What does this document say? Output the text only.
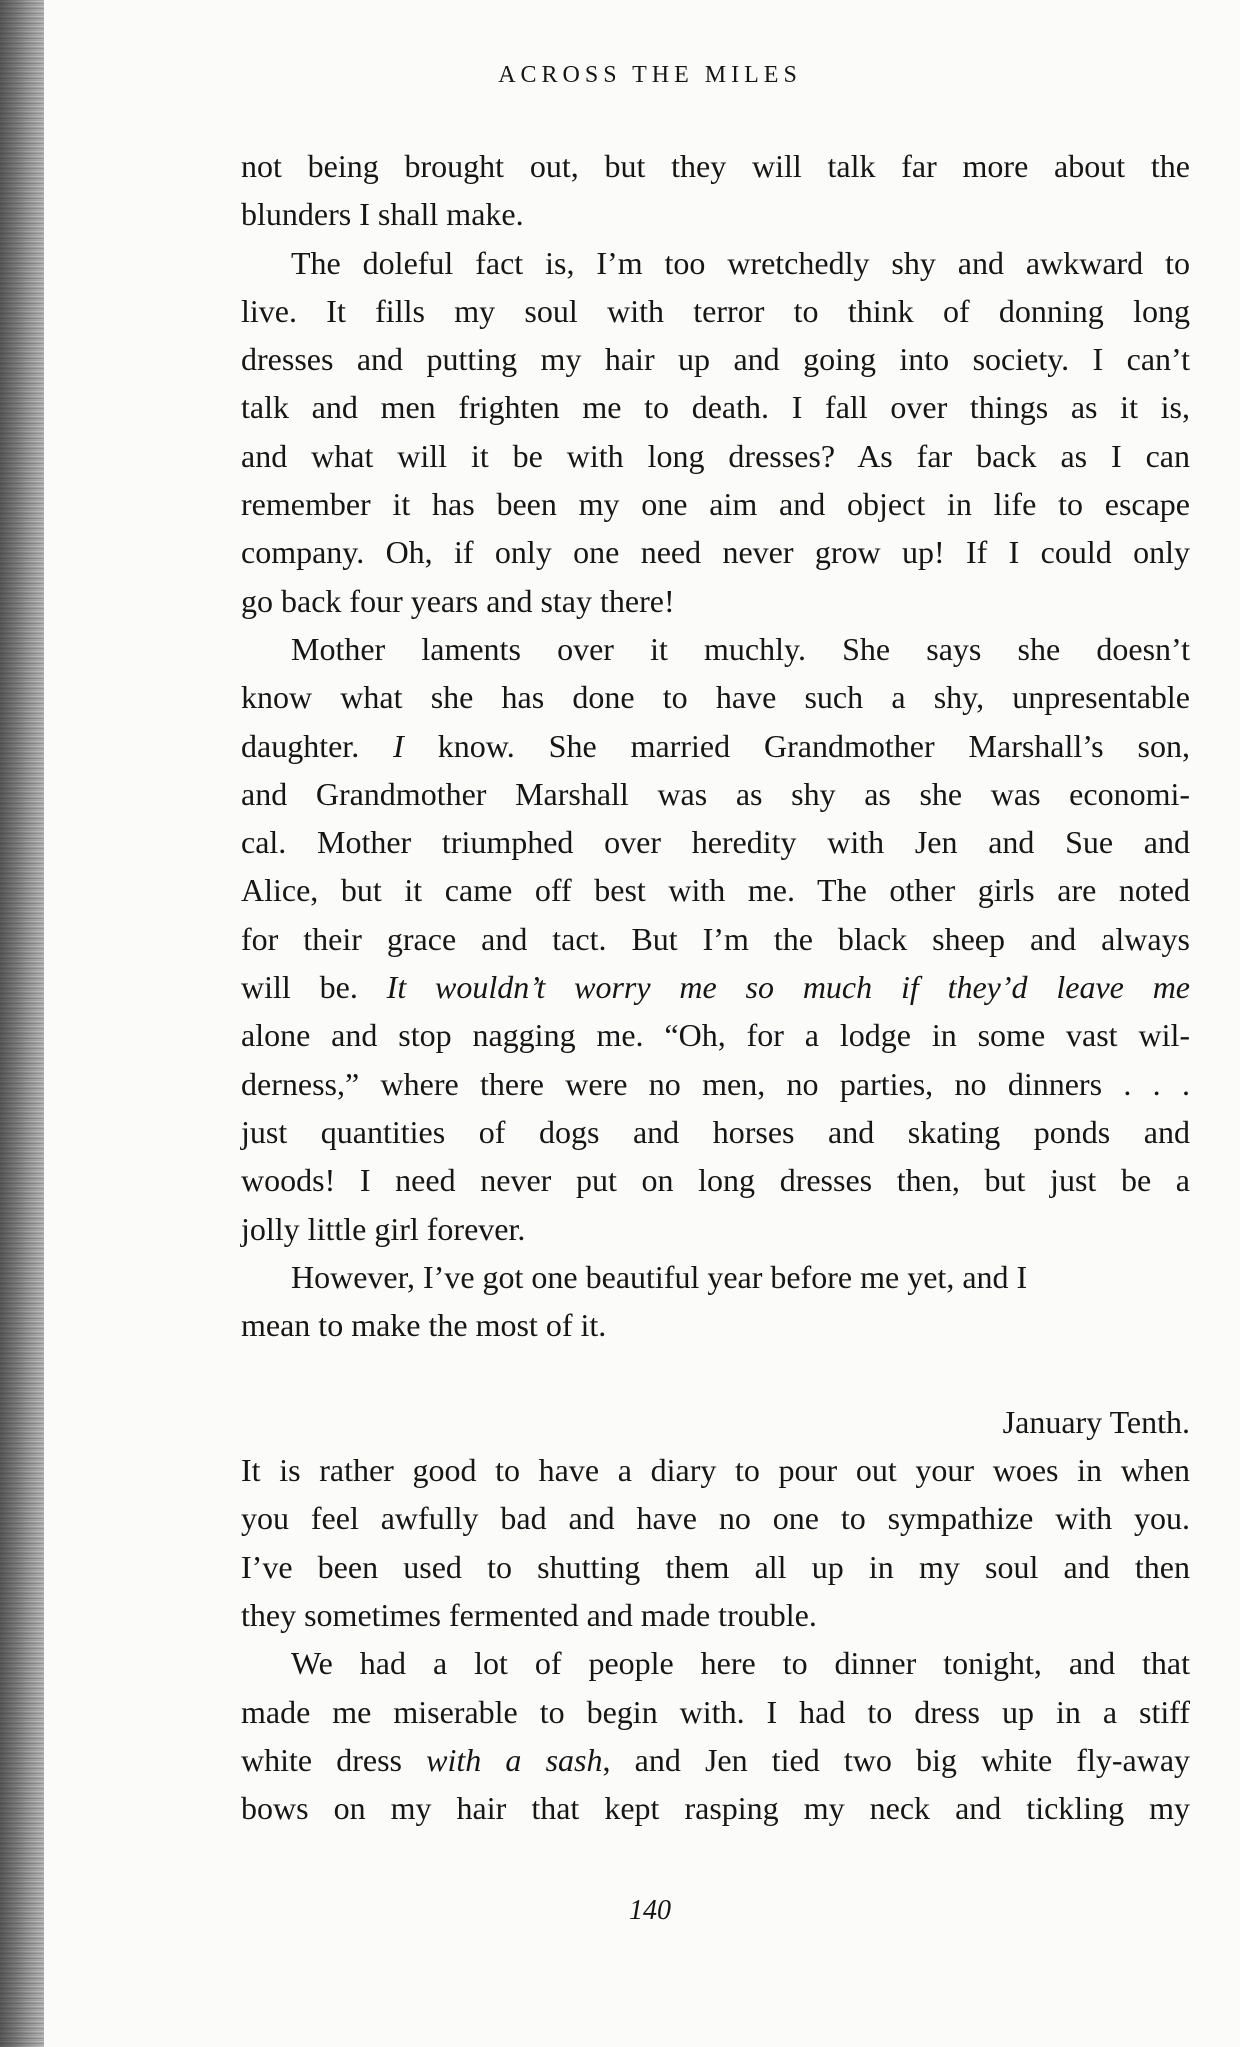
ACROSS THE MILES
not being brought out, but they will talk far more about the
blunders I shall make.
The doleful fact is, I’m too wretchedly shy and awkward to
live. It fills my soul with terror to think of donning long
dresses and putting my hair up and going into society. I can’t
talk and men frighten me to death. I fall over things as it is,
and what will it be with long dresses? As far back as I can
remember it has been my one aim and object in life to escape
company. Oh, if only one need never grow up! If I could only
go back four years and stay there!
Mother laments over it muchly. She says she doesn’t
know what she has done to have such a shy, unpresentable
daughter. I know. She married Grandmother Marshall’s son,
and Grandmother Marshall was as shy as she was economi-
cal. Mother triumphed over heredity with Jen and Sue and
Alice, but it came off best with me. The other girls are noted
for their grace and tact. But I’m the black sheep and always
will be. It wouldn’t worry me so much if they’d leave me
alone and stop nagging me. “Oh, for a lodge in some vast wil-
derness,” where there were no men, no parties, no dinners . . .
just quantities of dogs and horses and skating ponds and
woods! I need never put on long dresses then, but just be a
jolly little girl forever.
However, I’ve got one beautiful year before me yet, and I
mean to make the most of it.
January Tenth.
It is rather good to have a diary to pour out your woes in when
you feel awfully bad and have no one to sympathize with you.
I’ve been used to shutting them all up in my soul and then
they sometimes fermented and made trouble.
We had a lot of people here to dinner tonight, and that
made me miserable to begin with. I had to dress up in a stiff
white dress with a sash, and Jen tied two big white fly-away
bows on my hair that kept rasping my neck and tickling my
140
